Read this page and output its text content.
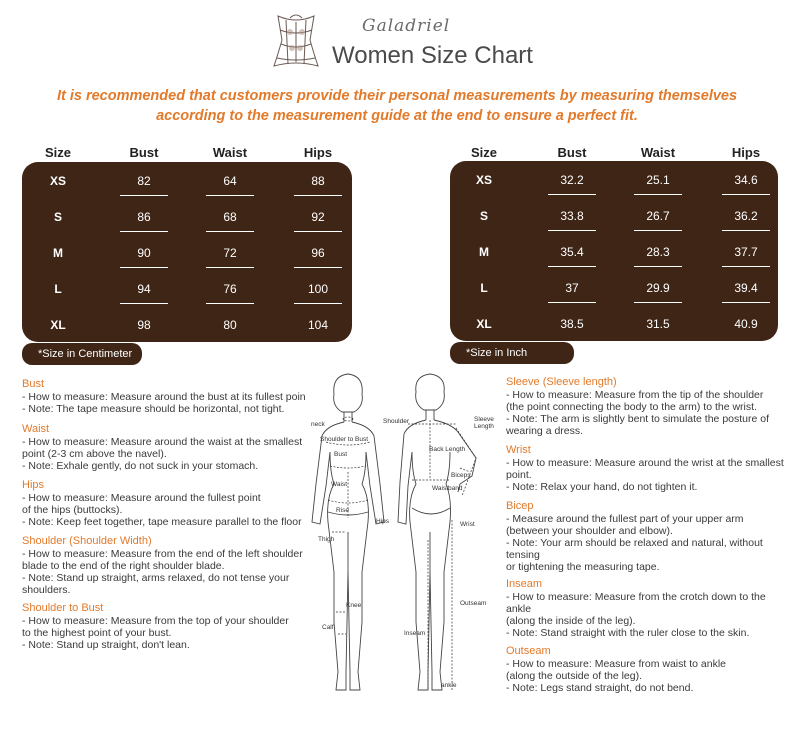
Galadriel
Women Size Chart
It is recommended that customers provide their personal measurements by measuring themselves
according to the measurement guide at the end to ensure a perfect fit.
Size	Bust	Waist	Hips
XS	82	64	88
S	86	68	92
M	90	72	96
L	94	76	100
XL	98	80	104
*Size in Centimeter
Size	Bust	Waist	Hips
XS	32.2	25.1	34.6
S	33.8	26.7	36.2
M	35.4	28.3	37.7
L	37	29.9	39.4
XL	38.5	31.5	40.9
*Size in Inch
Bust
- How to measure: Measure around the bust at its fullest poin
- Note: The tape measure should be horizontal, not tight.
Waist
- How to measure: Measure around the waist at the smallest
point (2-3 cm above the navel).
- Note: Exhale gently, do not suck in your stomach.
Hips
- How to measure: Measure around the fullest point
of the hips (buttocks).
- Note: Keep feet together, tape measure parallel to the floor
Shoulder (Shoulder Width)
- How to measure: Measure from the end of the left shoulder
blade to the end of the right shoulder blade.
- Note: Stand up straight, arms relaxed, do not tense your
shoulders.
Shoulder to Bust
- How to measure: Measure from the top of your shoulder
to the highest point of your bust.
- Note: Stand up straight, don't lean.
Sleeve (Sleeve length)
- How to measure: Measure from the tip of the shoulder
(the point connecting the body to the arm) to the wrist.
- Note: The arm is slightly bent to simulate the posture of
wearing a dress.
Wrist
- How to measure: Measure around the wrist at the smallest
point.
- Note: Relax your hand, do not tighten it.
Bicep
- Measure around the fullest part of your upper arm
(between your shoulder and elbow).
- Note: Your arm should be relaxed and natural, without
tensing
or tightening the measuring tape.
Inseam
- How to measure: Measure from the crotch down to the
ankle
(along the inside of the leg).
- Note: Stand straight with the ruler close to the skin.
Outseam
- How to measure: Measure from waist to ankle
(along the outside of the leg).
- Note: Legs stand straight, do not bend.
neck
Shoulder to Bust
Bust
Waist
Rise
Hips
Thigh
Knee
Calf
Shoulder
Back Length
Sleeve Length
Biceps
Waistband
Wrist
Outseam
Inseam
ankle
